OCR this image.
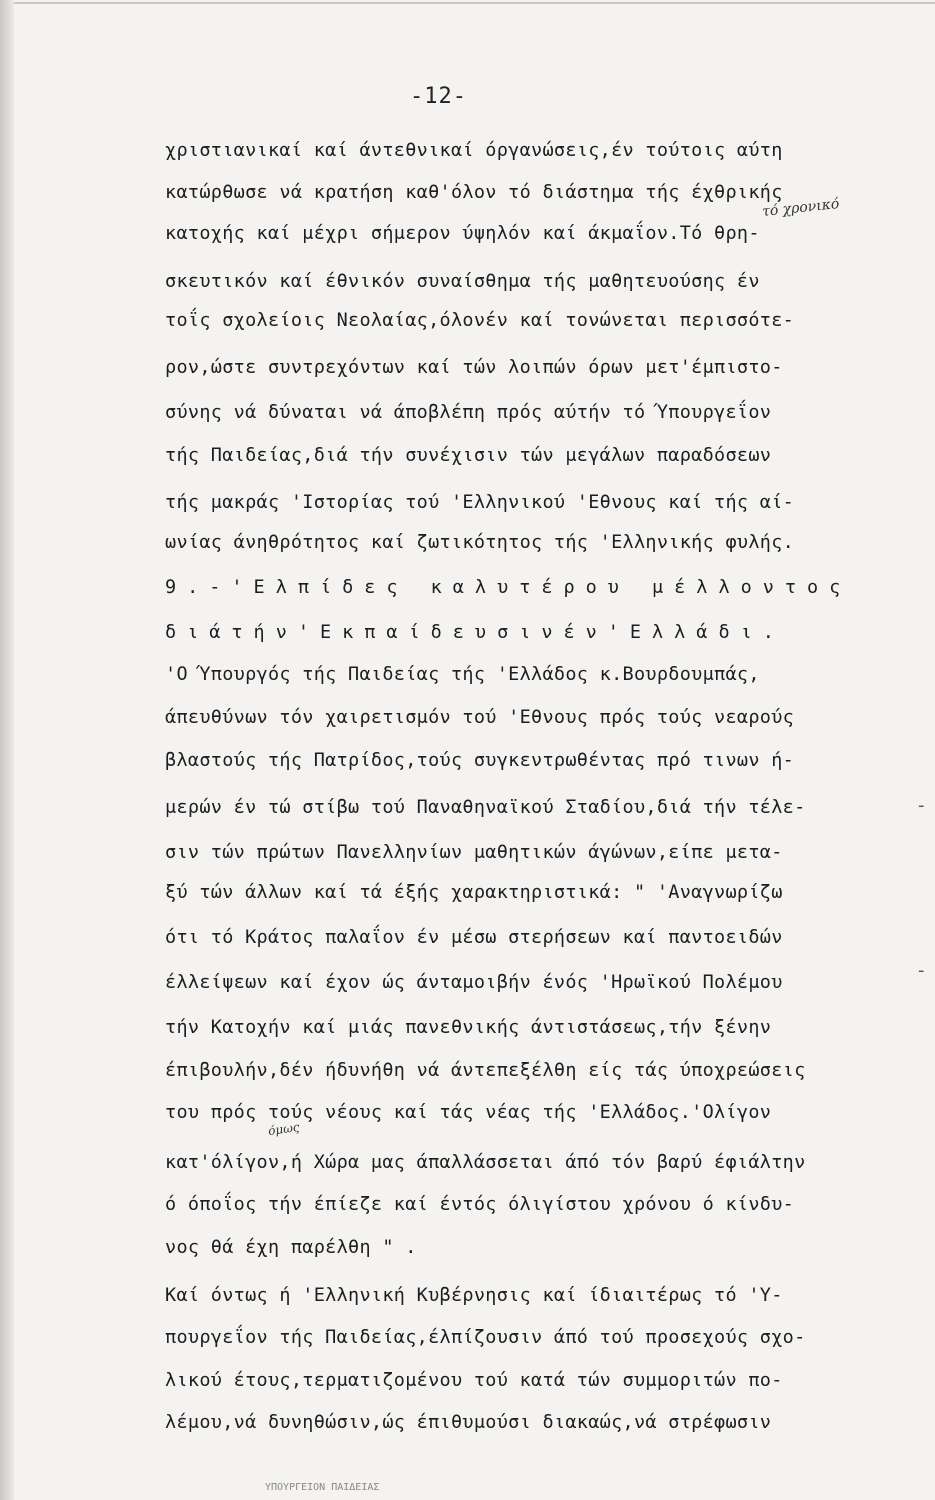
-12-
χριστιανικαί καί άντεθνικαί όργανώσεις,έν τούτοις αύτη
κατώρθωσε νά κρατήση καθ'όλον τό διάστημα τής έχθρικής
κατοχής καί μέχρι σήμερον ύψηλόν καί άκμαΐον.Τό θρη-
σκευτικόν καί έθνικόν συναίσθημα τής μαθητευούσης έν
τοΐς σχολείοις Νεολαίας,όλονέν καί τονώνεται περισσότε-
ρον,ώστε συντρεχόντων καί τών λοιπών όρων μετ'έμπιστο-
σύνης νά δύναται νά άποβλέπη πρός αύτήν τό Ύπουργεΐον
τής Παιδείας,διά τήν συνέχισιν τών μεγάλων παραδόσεων
τής μακράς 'Ιστορίας τού 'Ελληνικού 'Εθνους καί τής αί-
ωνίας άνηθρότητος καί ζωτικότητος τής 'Ελληνικής φυλής.
9.-'Ελπίδες καλυτέρου μέλλοντος
διάτήν'Εκπαίδευσινέν'Ελλάδι.
'Ο Ύπουργός τής Παιδείας τής 'Ελλάδος κ.Βουρδουμπάς,
άπευθύνων τόν χαιρετισμόν τού 'Εθνους πρός τούς νεαρούς
βλαστούς τής Πατρίδος,τούς συγκεντρωθέντας πρό τινων ή-
μερών έν τώ στίβω τού Παναθηναϊκού Σταδίου,διά τήν τέλε-
σιν τών πρώτων Πανελληνίων μαθητικών άγώνων,είπε μετα-
ξύ τών άλλων καί τά έξής χαρακτηριστικά: " 'Αναγνωρίζω
ότι τό Κράτος παλαΐον έν μέσω στερήσεων καί παντοειδών
έλλείψεων καί έχον ώς άνταμοιβήν ένός 'Ηρωϊκού Πολέμου
τήν Κατοχήν καί μιάς πανεθνικής άντιστάσεως,τήν ξένην
έπιβουλήν,δέν ήδυνήθη νά άντεπεξέλθη είς τάς ύποχρεώσεις
του πρός τούς νέους καί τάς νέας τής 'Ελλάδος.'Ολίγον
κατ'όλίγον,ή Χώρα μας άπαλλάσσεται άπό τόν βαρύ έφιάλτην
ό όποΐος τήν έπίεζε καί έντός όλιγίστου χρόνου ό κίνδυ-
νος θά έχη παρέλθη " .
Καί όντως ή 'Ελληνική Κυβέρνησις καί ίδιαιτέρως τό 'Υ-
πουργεΐον τής Παιδείας,έλπίζουσιν άπό τού προσεχούς σχο-
λικού έτους,τερματιζομένου τού κατά τών συμμοριτών πο-
λέμου,νά δυνηθώσιν,ώς έπιθυμούσι διακαώς,νά στρέφωσιν
τό χρονικό
όμως
-
-
ΥΠΟΥΡΓΕΙΟΝ ΠΑΙΔΕΙΑΣ
